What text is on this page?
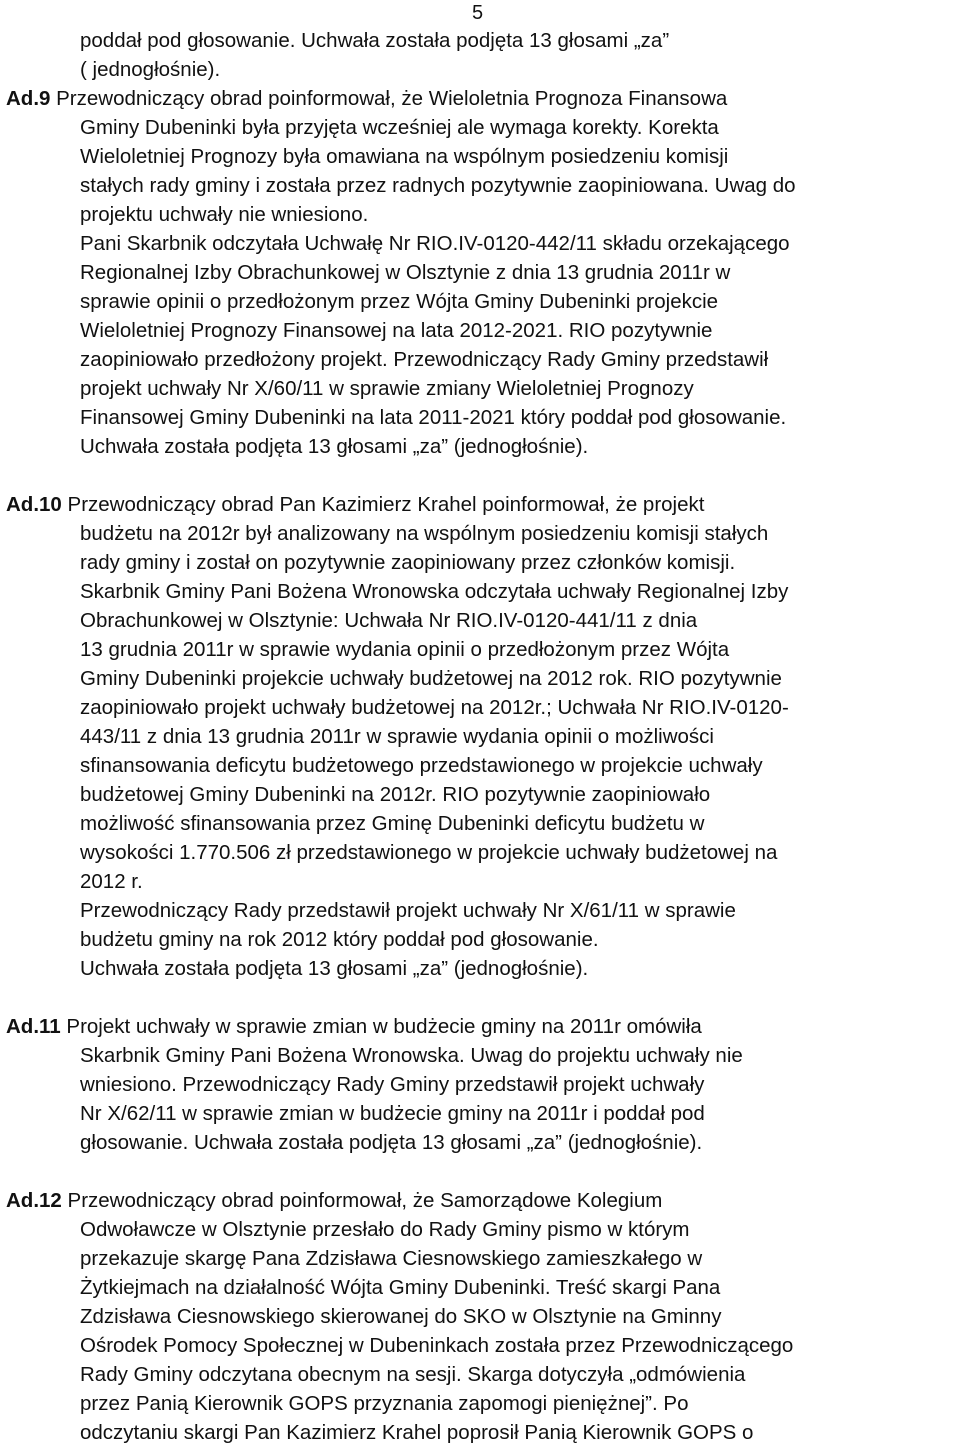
5
poddał pod głosowanie. Uchwała została podjęta 13 głosami „za”
( jednogłośnie).
Ad.9 Przewodniczący obrad poinformował, że Wieloletnia Prognoza Finansowa
Gminy Dubeninki była przyjęta wcześniej ale wymaga korekty. Korekta
Wieloletniej Prognozy była omawiana na wspólnym posiedzeniu komisji
stałych rady gminy i została przez radnych pozytywnie zaopiniowana. Uwag do
projektu uchwały nie wniesiono.
Pani Skarbnik odczytała Uchwałę Nr RIO.IV-0120-442/11 składu orzekającego
Regionalnej Izby Obrachunkowej w Olsztynie z dnia 13 grudnia 2011r w
sprawie opinii o przedłożonym przez Wójta Gminy Dubeninki projekcie
Wieloletniej Prognozy Finansowej na lata 2012-2021. RIO pozytywnie
zaopiniowało przedłożony projekt. Przewodniczący Rady Gminy przedstawił
projekt uchwały Nr X/60/11 w sprawie zmiany Wieloletniej Prognozy
Finansowej Gminy Dubeninki na lata 2011-2021 który poddał pod głosowanie.
Uchwała została podjęta 13 głosami „za” (jednogłośnie).
Ad.10 Przewodniczący obrad Pan Kazimierz Krahel poinformował, że projekt
budżetu na 2012r był analizowany na wspólnym posiedzeniu komisji stałych
rady gminy i został on pozytywnie zaopiniowany przez członków komisji.
Skarbnik Gminy Pani Bożena Wronowska odczytała uchwały Regionalnej Izby
Obrachunkowej w Olsztynie: Uchwała Nr RIO.IV-0120-441/11 z dnia
13 grudnia 2011r w sprawie wydania opinii o przedłożonym przez Wójta
Gminy Dubeninki projekcie uchwały budżetowej na 2012 rok. RIO pozytywnie
zaopiniowało projekt uchwały budżetowej na 2012r.; Uchwała Nr RIO.IV-0120-
443/11 z dnia 13 grudnia 2011r w sprawie wydania opinii o możliwości
sfinansowania deficytu budżetowego przedstawionego w projekcie uchwały
budżetowej Gminy Dubeninki na 2012r. RIO pozytywnie zaopiniowało
możliwość sfinansowania przez Gminę Dubeninki deficytu budżetu w
wysokości 1.770.506 zł przedstawionego w projekcie uchwały budżetowej na
2012 r.
Przewodniczący Rady przedstawił projekt uchwały Nr X/61/11 w sprawie
budżetu gminy na rok 2012 który poddał pod głosowanie.
Uchwała została podjęta 13 głosami „za” (jednogłośnie).
Ad.11 Projekt uchwały w sprawie zmian w budżecie gminy na 2011r omówiła
Skarbnik Gminy Pani Bożena Wronowska. Uwag do projektu uchwały nie
wniesiono. Przewodniczący Rady Gminy przedstawił projekt uchwały
Nr X/62/11 w sprawie zmian w budżecie gminy na 2011r i poddał pod
głosowanie. Uchwała została podjęta 13 głosami „za” (jednogłośnie).
Ad.12 Przewodniczący obrad poinformował, że Samorządowe Kolegium
Odwoławcze w Olsztynie przesłało do Rady Gminy pismo w którym
przekazuje skargę Pana Zdzisława Ciesnowskiego zamieszkałego w
Żytkiejmach na działalność Wójta Gminy Dubeninki. Treść skargi Pana
Zdzisława Ciesnowskiego skierowanej do SKO w Olsztynie na Gminny
Ośrodek Pomocy Społecznej w Dubeninkach została przez Przewodniczącego
Rady Gminy odczytana obecnym na sesji. Skarga dotyczyła „odmówienia
przez Panią Kierownik GOPS przyznania zapomogi pieniężnej”. Po
odczytaniu skargi Pan Kazimierz Krahel poprosił Panią Kierownik GOPS o
